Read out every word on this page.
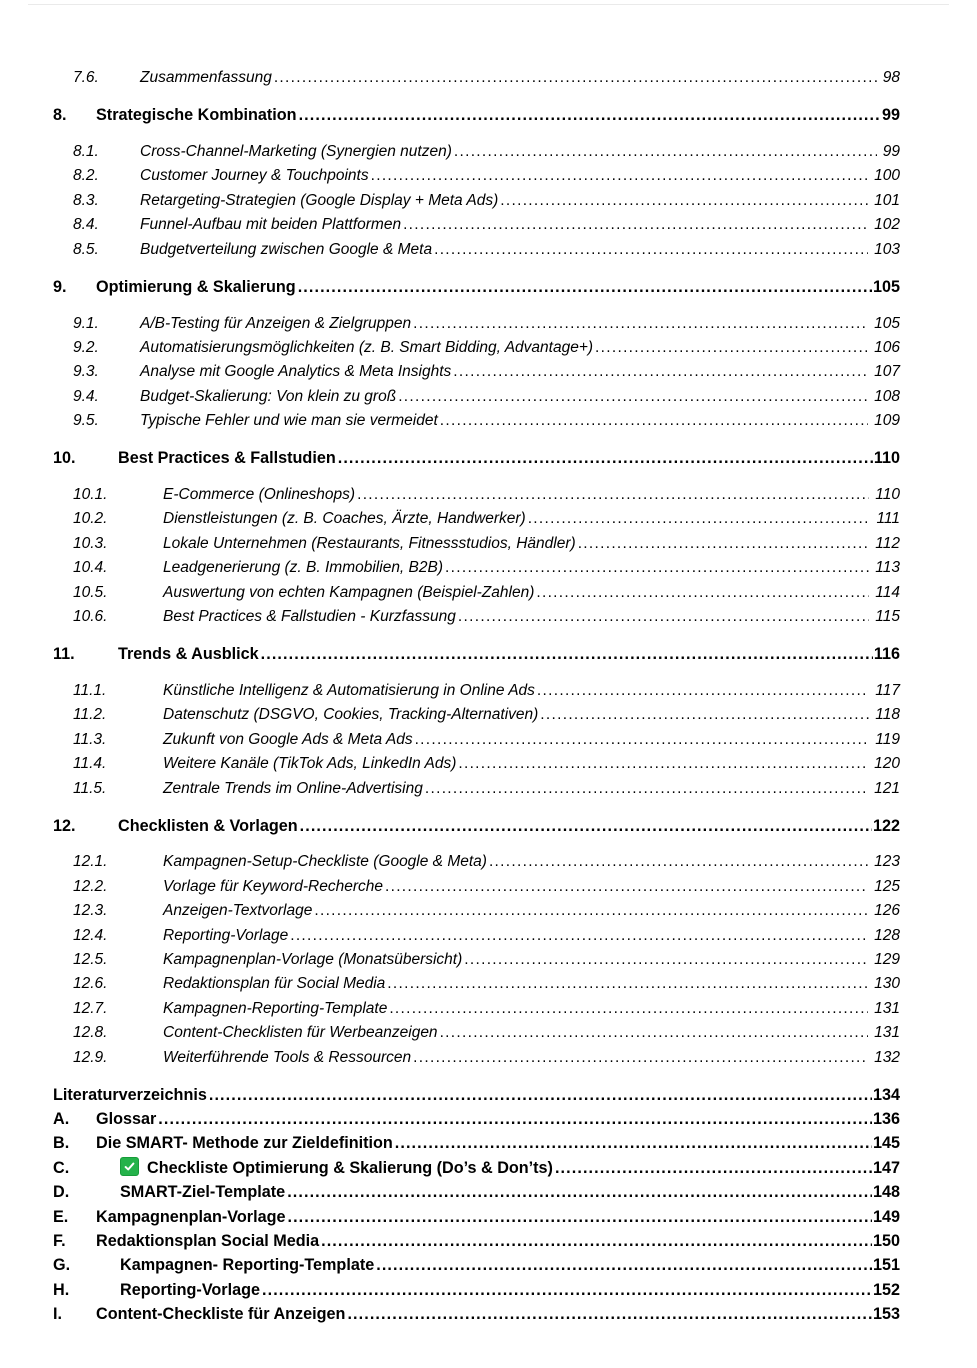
7.6.	Zusammenfassung .....	98
8.	Strategische Kombination .....	99
8.1.	Cross-Channel-Marketing (Synergien nutzen) .....	99
8.2.	Customer Journey & Touchpoints .....	100
8.3.	Retargeting-Strategien (Google Display + Meta Ads) .....	101
8.4.	Funnel-Aufbau mit beiden Plattformen .....	102
8.5.	Budgetverteilung zwischen Google & Meta .....	103
9.	Optimierung & Skalierung .....	105
9.1.	A/B-Testing für Anzeigen & Zielgruppen .....	105
9.2.	Automatisierungsmöglichkeiten (z. B. Smart Bidding, Advantage+) .....	106
9.3.	Analyse mit Google Analytics & Meta Insights .....	107
9.4.	Budget-Skalierung: Von klein zu groß .....	108
9.5.	Typische Fehler und wie man sie vermeidet .....	109
10.	Best Practices & Fallstudien .....	110
10.1.	E-Commerce (Onlineshops) .....	110
10.2.	Dienstleistungen (z. B. Coaches, Ärzte, Handwerker) .....	111
10.3.	Lokale Unternehmen (Restaurants, Fitnessstudios, Händler) .....	112
10.4.	Leadgenerierung (z. B. Immobilien, B2B) .....	113
10.5.	Auswertung von echten Kampagnen (Beispiel-Zahlen) .....	114
10.6.	Best Practices & Fallstudien - Kurzfassung .....	115
11.	Trends & Ausblick .....	116
11.1.	Künstliche Intelligenz & Automatisierung in Online Ads .....	117
11.2.	Datenschutz (DSGVO, Cookies, Tracking-Alternativen) .....	118
11.3.	Zukunft von Google Ads & Meta Ads .....	119
11.4.	Weitere Kanäle (TikTok Ads, LinkedIn Ads) .....	120
11.5.	Zentrale Trends im Online-Advertising .....	121
12.	Checklisten & Vorlagen .....	122
12.1.	Kampagnen-Setup-Checkliste (Google & Meta) .....	123
12.2.	Vorlage für Keyword-Recherche .....	125
12.3.	Anzeigen-Textvorlage .....	126
12.4.	Reporting-Vorlage .....	128
12.5.	Kampagnenplan-Vorlage (Monatsübersicht) .....	129
12.6.	Redaktionsplan für Social Media .....	130
12.7.	Kampagnen-Reporting-Template .....	131
12.8.	Content-Checklisten für Werbeanzeigen .....	131
12.9.	Weiterführende Tools & Ressourcen .....	132
Literaturverzeichnis .....	134
A.	Glossar .....	136
B.	Die SMART- Methode zur Zieldefinition .....	145
C.	Checkliste Optimierung & Skalierung (Do’s & Don’ts) .....	147
D.	SMART-Ziel-Template .....	148
E.	Kampagnenplan-Vorlage .....	149
F.	Redaktionsplan Social Media .....	150
G.	Kampagnen- Reporting-Template .....	151
H.	Reporting-Vorlage .....	152
I.	Content-Checkliste für Anzeigen .....	153
